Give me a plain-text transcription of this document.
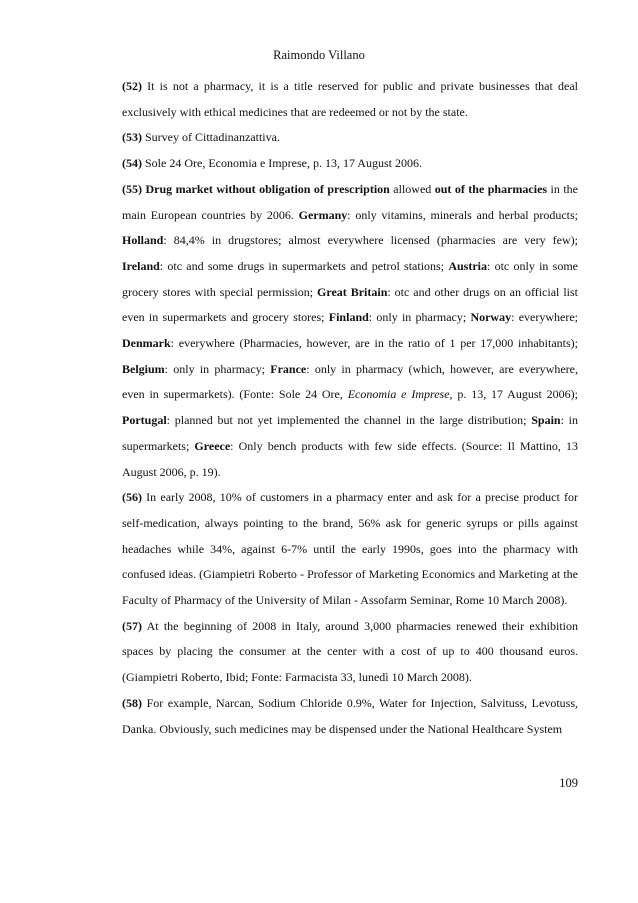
Raimondo Villano

(52) It is not a pharmacy, it is a title reserved for public and private businesses that deal exclusively with ethical medicines that are redeemed or not by the state.

(53) Survey of Cittadinanzattiva.

(54) Sole 24 Ore, Economia e Imprese, p. 13, 17 August 2006.

(55) Drug market without obligation of prescription allowed out of the pharmacies in the main European countries by 2006. Germany: only vitamins, minerals and herbal products; Holland: 84,4% in drugstores; almost everywhere licensed (pharmacies are very few); Ireland: otc and some drugs in supermarkets and petrol stations; Austria: otc only in some grocery stores with special permission; Great Britain: otc and other drugs on an official list even in supermarkets and grocery stores; Finland: only in pharmacy; Norway: everywhere; Denmark: everywhere (Pharmacies, however, are in the ratio of 1 per 17,000 inhabitants); Belgium: only in pharmacy; France: only in pharmacy (which, however, are everywhere, even in supermarkets). (Fonte: Sole 24 Ore, Economia e Imprese, p. 13, 17 August 2006); Portugal: planned but not yet implemented the channel in the large distribution; Spain: in supermarkets; Greece: Only bench products with few side effects. (Source: Il Mattino, 13 August 2006, p. 19).

(56) In early 2008, 10% of customers in a pharmacy enter and ask for a precise product for self-medication, always pointing to the brand, 56% ask for generic syrups or pills against headaches while 34%, against 6-7% until the early 1990s, goes into the pharmacy with confused ideas. (Giampietri Roberto - Professor of Marketing Economics and Marketing at the Faculty of Pharmacy of the University of Milan - Assofarm Seminar, Rome 10 March 2008).

(57) At the beginning of 2008 in Italy, around 3,000 pharmacies renewed their exhibition spaces by placing the consumer at the center with a cost of up to 400 thousand euros. (Giampietri Roberto, Ibid; Fonte: Farmacista 33, lunedì 10 March 2008).

(58) For example, Narcan, Sodium Chloride 0.9%, Water for Injection, Salvituss, Levotuss, Danka. Obviously, such medicines may be dispensed under the National Healthcare System

109
